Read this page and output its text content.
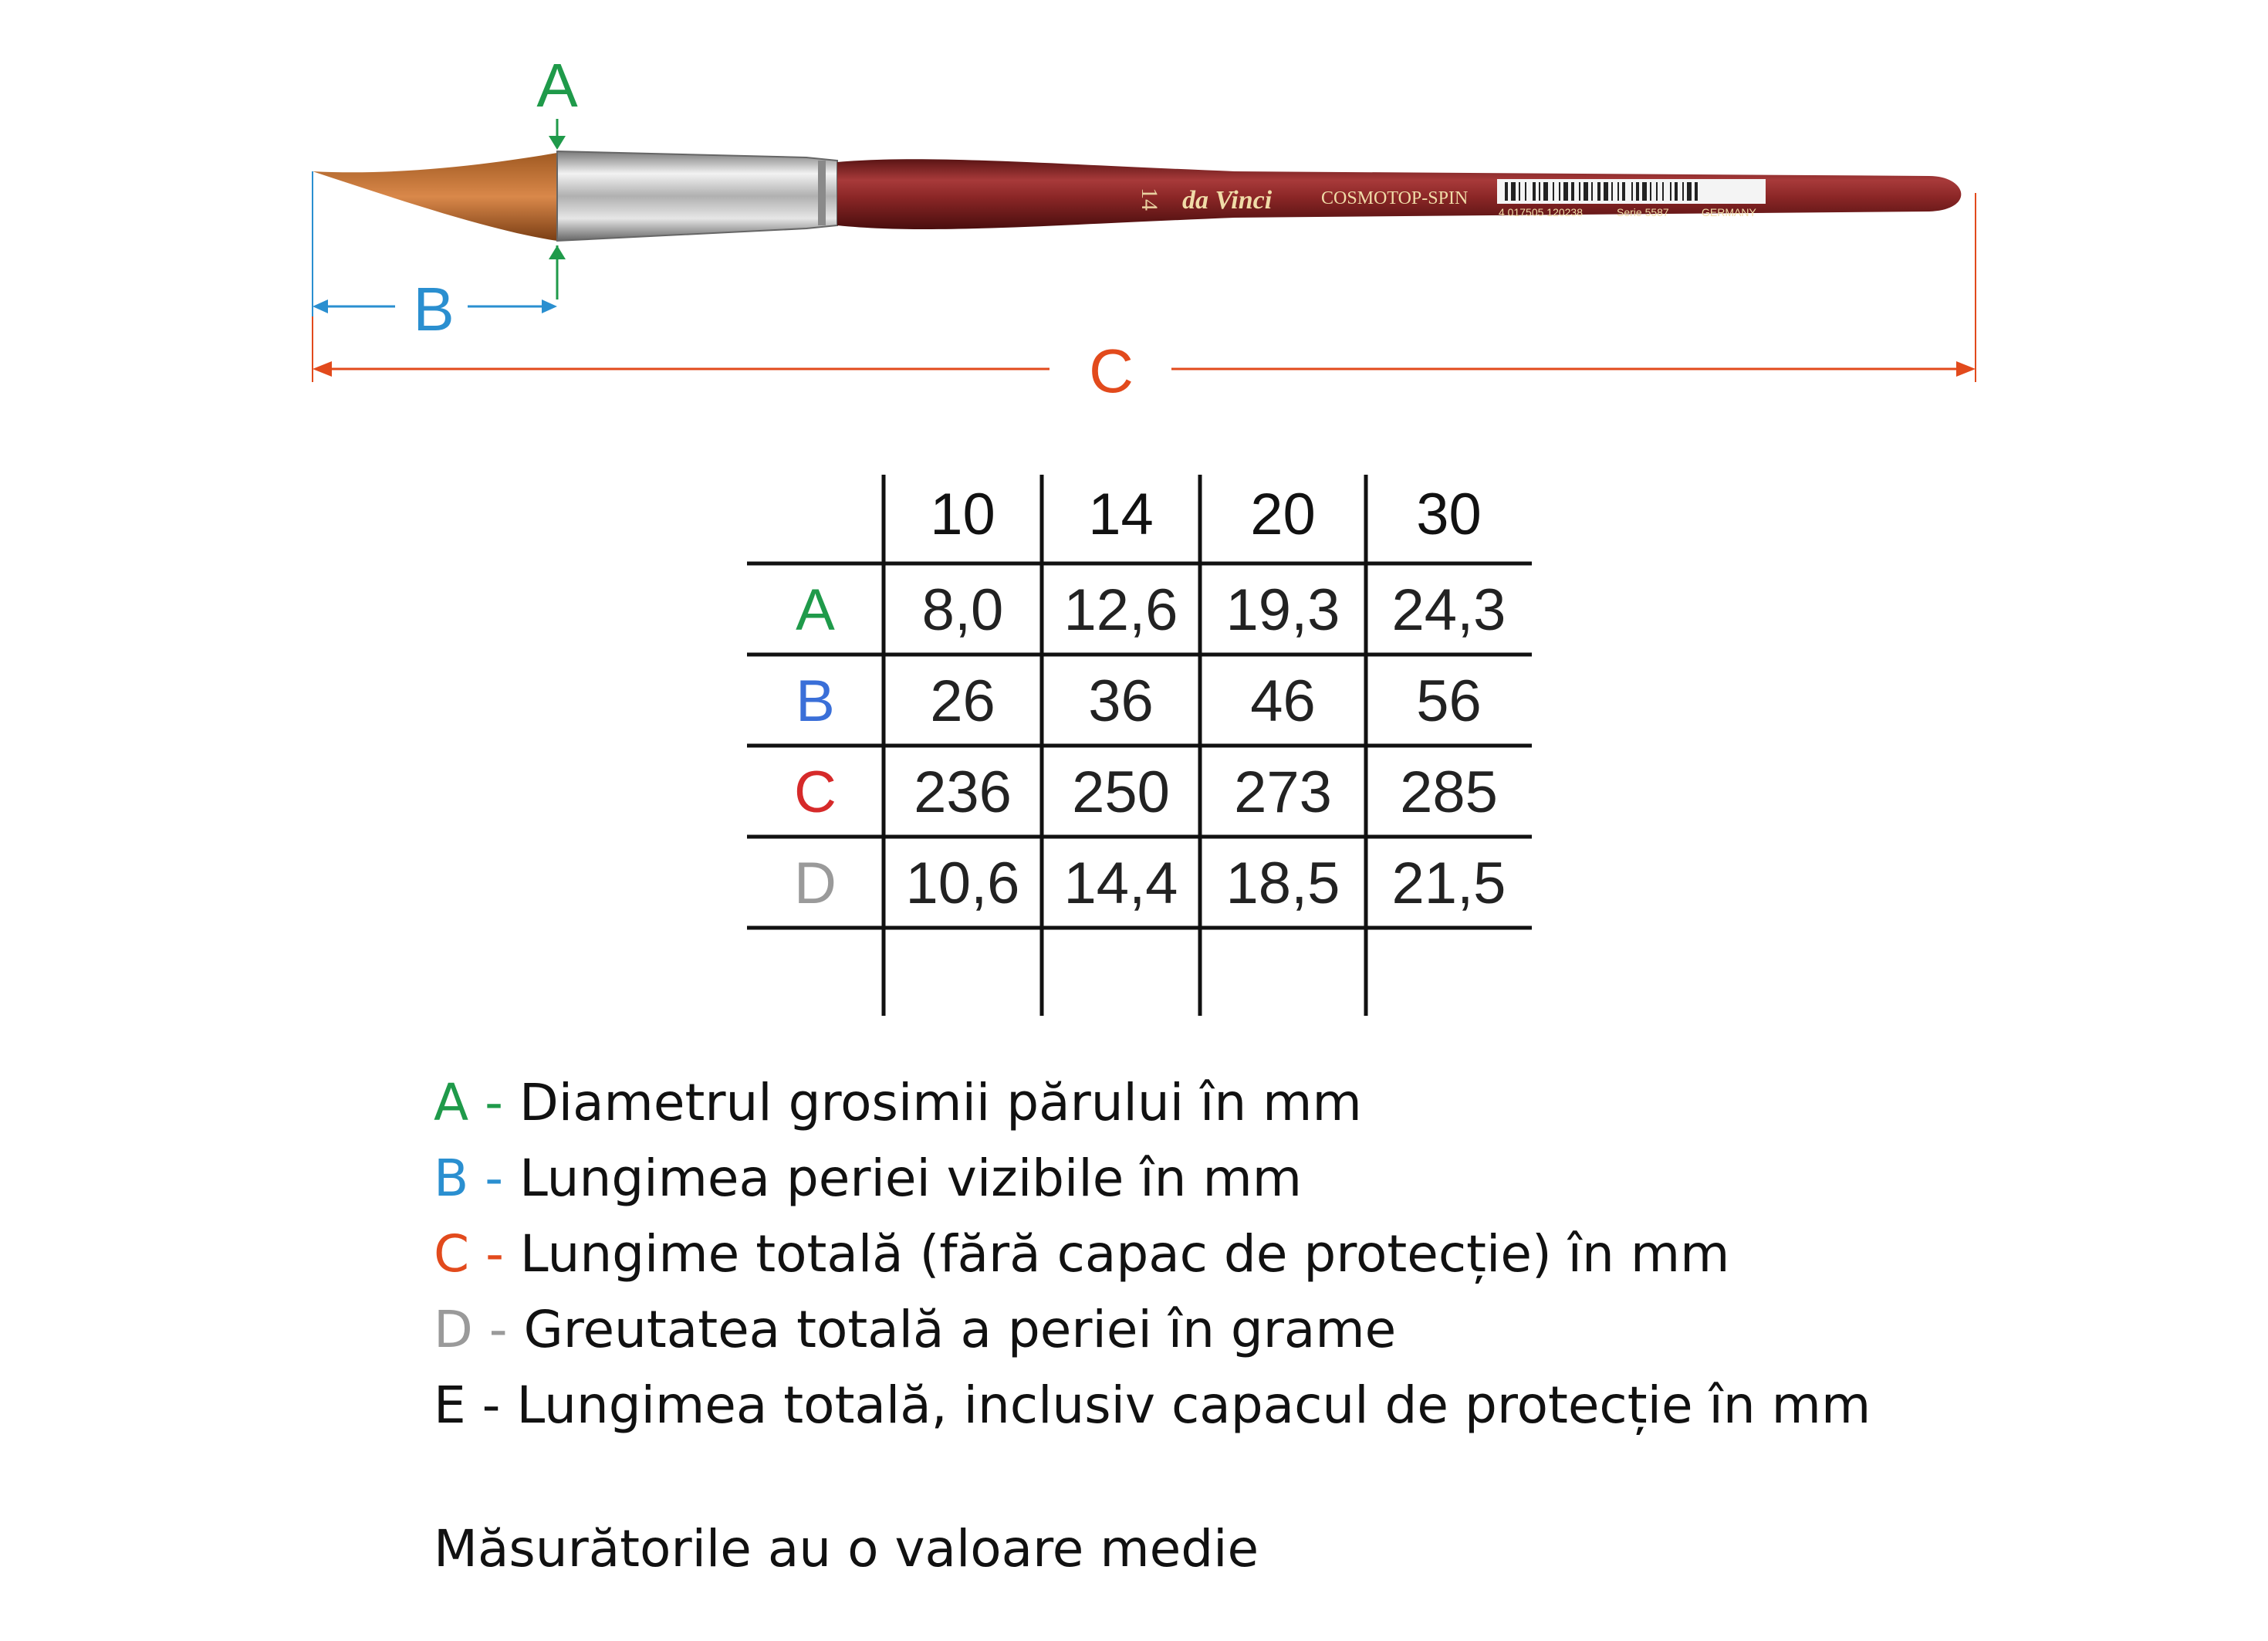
14 da Vinci	COSMOTOP-SPIN
4 017505 120238	Serie 5587	GERMANY
A
B
C
10 14 20 30
A 8,0 12,6 19,3 24,3
B 26 36 46 56
C 236 250 273 285
D 10,6 14,4 18,5 21,5
A - Diametrul grosimii părului în mm
B - Lungimea periei vizibile în mm
C - Lungime totală (fără capac de protecție) în mm
D - Greutatea totală a periei în grame
E - Lungimea totală, inclusiv capacul de protecție în mm
Măsurătorile au o valoare medie
